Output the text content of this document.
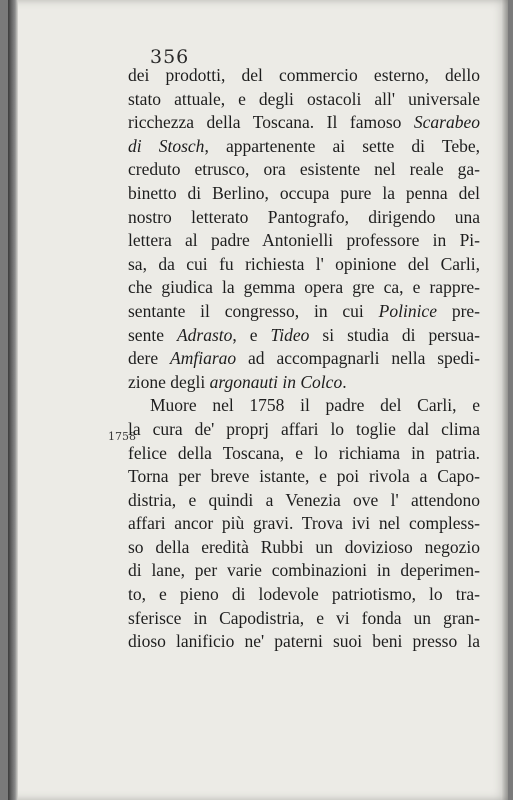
356
1758
dei prodotti, del commercio esterno, dello
stato attuale, e degli ostacoli all' universale
ricchezza della Toscana. Il famoso Scarabeo
di Stosch, appartenente ai sette di Tebe,
creduto etrusco, ora esistente nel reale ga-
binetto di Berlino, occupa pure la penna del
nostro letterato Pantografo, dirigendo una
lettera al padre Antonielli professore in Pi-
sa, da cui fu richiesta l' opinione del Carli,
che giudica la gemma opera gre ca, e rappre-
sentante il congresso, in cui Polinice pre-
sente Adrasto, e Tideo si studia di persua-
dere Amfiarao ad accompagnarli nella spedi-
zione degli argonauti in Colco.
Muore nel 1758 il padre del Carli, e
la cura de' proprj affari lo toglie dal clima
felice della Toscana, e lo richiama in patria.
Torna per breve istante, e poi rivola a Capo-
distria, e quindi a Venezia ove l' attendono
affari ancor più gravi. Trova ivi nel compless-
so della eredità Rubbi un dovizioso negozio
di lane, per varie combinazioni in deperimen-
to, e pieno di lodevole patriotismo, lo tra-
sferisce in Capodistria, e vi fonda un gran-
dioso lanificio ne' paterni suoi beni presso la
